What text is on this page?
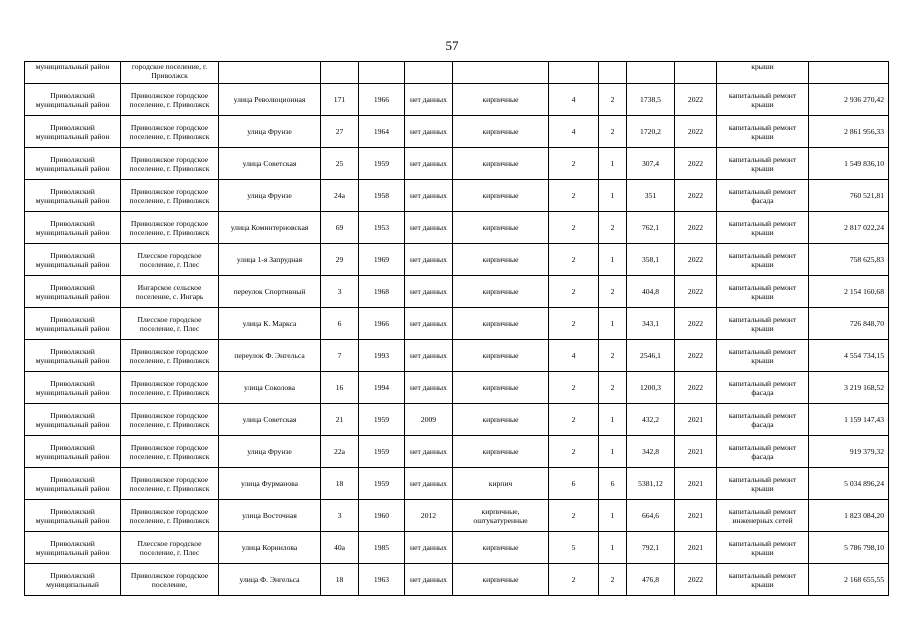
57
муниципальный район	городское поселение, г. Приволжск										крыши	
Приволжский муниципальный район	Приволжское городское поселение, г. Приволжск	улица Революционная	171	1966	нет данных	кирпичные	4	2	1738,5	2022	капитальный ремонт крыши	2 936 270,42
Приволжский муниципальный район	Приволжское городское поселение, г. Приволжск	улица Фрунзе	27	1964	нет данных	кирпичные	4	2	1720,2	2022	капитальный ремонт крыши	2 861 956,33
Приволжский муниципальный район	Приволжское городское поселение, г. Приволжск	улица Советская	25	1959	нет данных	кирпичные	2	1	307,4	2022	капитальный ремонт крыши	1 549 836,10
Приволжский муниципальный район	Приволжское городское поселение, г. Приволжск	улица Фрунзе	24а	1958	нет данных	кирпичные	2	1	351	2022	капитальный ремонт фасада	760 521,81
Приволжский муниципальный район	Приволжское городское поселение, г. Приволжск	улица Коминтерновская	69	1953	нет данных	кирпичные	2	2	762,1	2022	капитальный ремонт крыши	2 817 022,24
Приволжский муниципальный район	Плесское городское поселение, г. Плес	улица 1-я Запрудная	29	1969	нет данных	кирпичные	2	1	358,1	2022	капитальный ремонт крыши	758 625,83
Приволжский муниципальный район	Ингарское сельское поселение, с. Ингарь	переулок Спортивный	3	1968	нет данных	кирпичные	2	2	404,8	2022	капитальный ремонт крыши	2 154 160,68
Приволжский муниципальный район	Плесское городское поселение, г. Плес	улица К. Маркса	6	1966	нет данных	кирпичные	2	1	343,1	2022	капитальный ремонт крыши	726 848,70
Приволжский муниципальный район	Приволжское городское поселение, г. Приволжск	переулок Ф. Энгельса	7	1993	нет данных	кирпичные	4	2	2546,1	2022	капитальный ремонт крыши	4 554 734,15
Приволжский муниципальный район	Приволжское городское поселение, г. Приволжск	улица Соколова	16	1994	нет данных	кирпичные	2	2	1200,3	2022	капитальный ремонт фасада	3 219 168,52
Приволжский муниципальный район	Приволжское городское поселение, г. Приволжск	улица Советская	21	1959	2009	кирпичные	2	1	432,2	2021	капитальный ремонт фасада	1 159 147,43
Приволжский муниципальный район	Приволжское городское поселение, г. Приволжск	улица Фрунзе	22а	1959	нет данных	кирпичные	2	1	342,8	2021	капитальный ремонт фасада	919 379,32
Приволжский муниципальный район	Приволжское городское поселение, г. Приволжск	улица Фурманова	18	1959	нет данных	кирпич	6	6	5381,12	2021	капитальный ремонт крыши	5 034 896,24
Приволжский муниципальный район	Приволжское городское поселение, г. Приволжск	улица Восточная	3	1960	2012	кирпичные, оштукатуренные	2	1	664,6	2021	капитальный ремонт инженерных сетей	1 823 084,20
Приволжский муниципальный район	Плесское городское поселение, г. Плес	улица Корнилова	40а	1985	нет данных	кирпичные	5	1	792,1	2021	капитальный ремонт крыши	5 786 798,10
Приволжский муниципальный	Приволжское городское поселение,	улица Ф. Энгельса	18	1963	нет данных	кирпичные	2	2	476,8	2022	капитальный ремонт крыши	2 168 655,55
